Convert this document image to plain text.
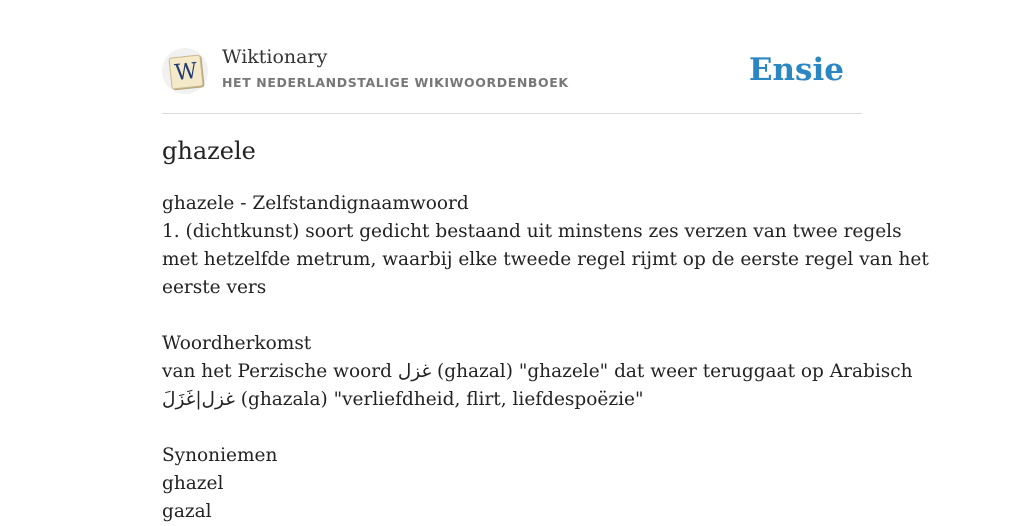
W
Wiktionary
HET NEDERLANDSTALIGE WIKIWOORDENBOEK	Ensie
ghazele
ghazele - Zelfstandignaamwoord
1. (dichtkunst) soort gedicht bestaand uit minstens zes verzen van twee regels
met hetzelfde metrum, waarbij elke tweede regel rijmt op de eerste regel van het
eerste vers
Woordherkomst
van het Perzische woord غزل (ghazal) "ghazele" dat weer teruggaat op Arabisch
غزل|غَزَلَ (ghazala) "verliefdheid, flirt, liefdespoëzie"
Synoniemen
ghazel
gazal
